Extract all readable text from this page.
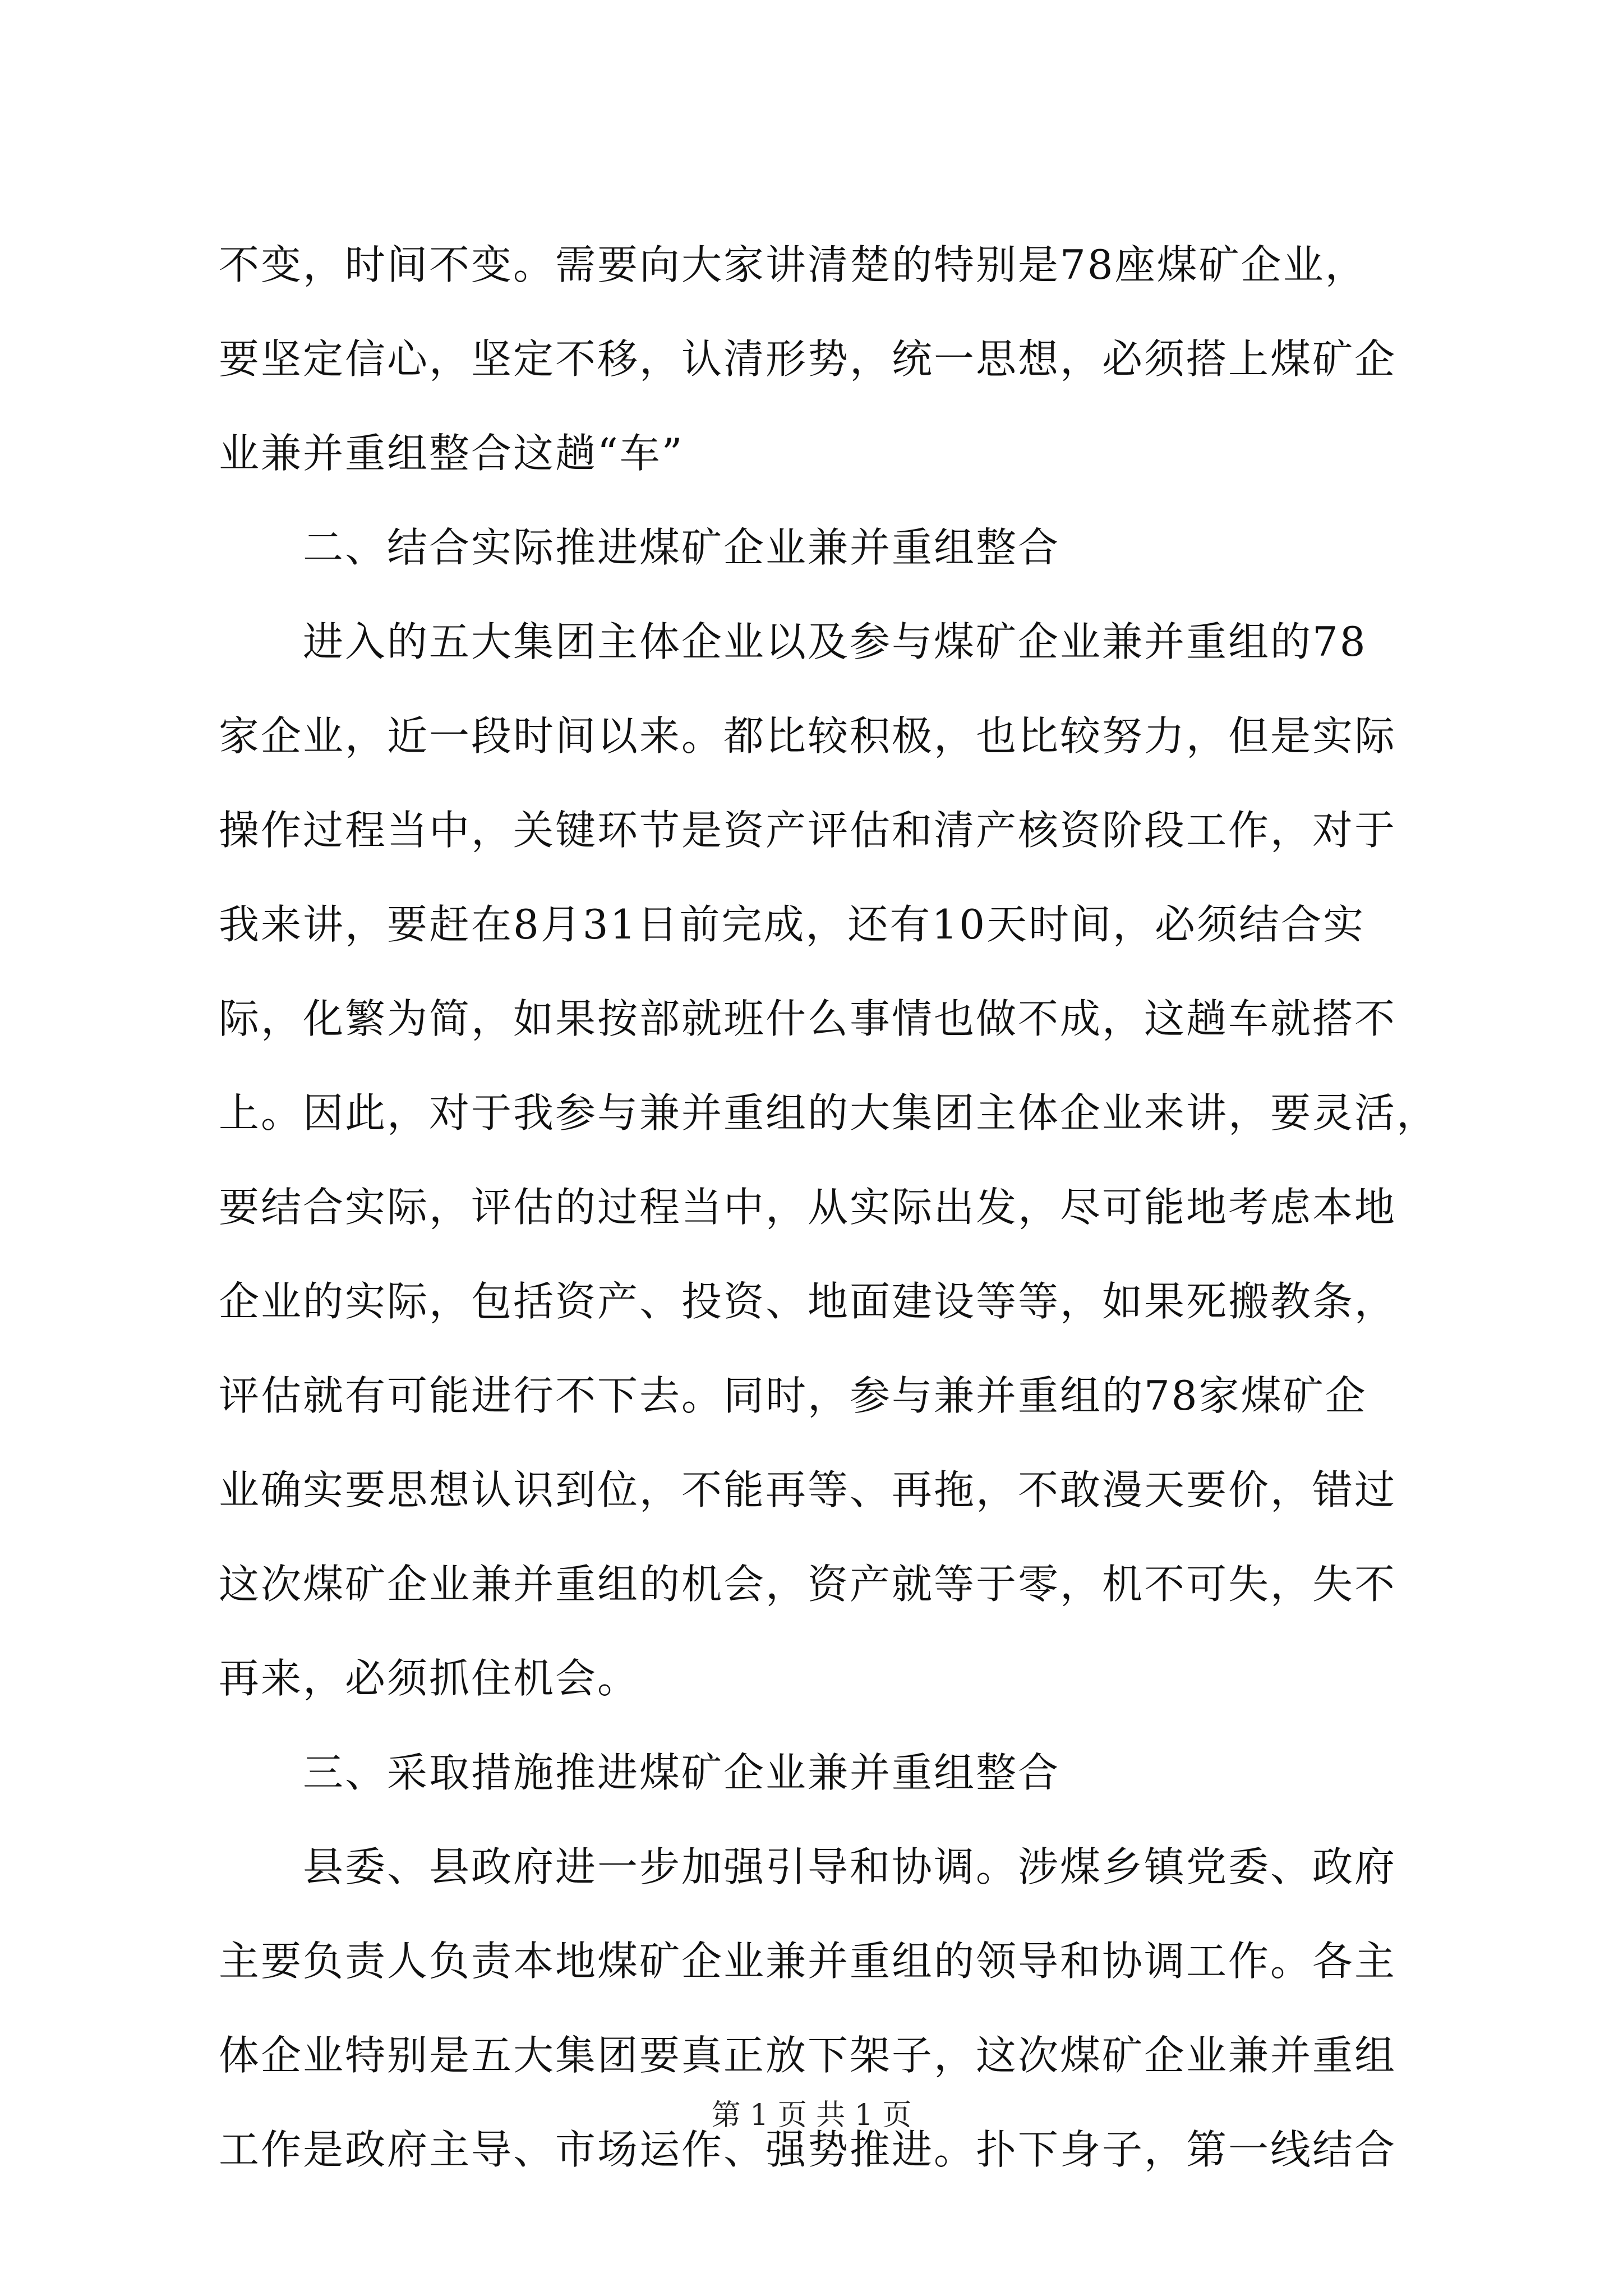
不变，时间不变。需要向大家讲清楚的特别是78座煤矿企业，
要坚定信心，坚定不移，认清形势，统一思想，必须搭上煤矿企
业兼并重组整合这趟“车”
二、结合实际推进煤矿企业兼并重组整合
进入的五大集团主体企业以及参与煤矿企业兼并重组的78
家企业，近一段时间以来。都比较积极，也比较努力，但是实际
操作过程当中，关键环节是资产评估和清产核资阶段工作，对于
我来讲，要赶在8月31日前完成，还有10天时间，必须结合实
际，化繁为简，如果按部就班什么事情也做不成，这趟车就搭不
上。因此，对于我参与兼并重组的大集团主体企业来讲，要灵活，
要结合实际，评估的过程当中，从实际出发，尽可能地考虑本地
企业的实际，包括资产、投资、地面建设等等，如果死搬教条，
评估就有可能进行不下去。同时，参与兼并重组的78家煤矿企
业确实要思想认识到位，不能再等、再拖，不敢漫天要价，错过
这次煤矿企业兼并重组的机会，资产就等于零，机不可失，失不
再来，必须抓住机会。
三、采取措施推进煤矿企业兼并重组整合
县委、县政府进一步加强引导和协调。涉煤乡镇党委、政府
主要负责人负责本地煤矿企业兼并重组的领导和协调工作。各主
体企业特别是五大集团要真正放下架子，这次煤矿企业兼并重组
工作是政府主导、市场运作、强势推进。扑下身子，第一线结合
第 1 页 共 1 页
